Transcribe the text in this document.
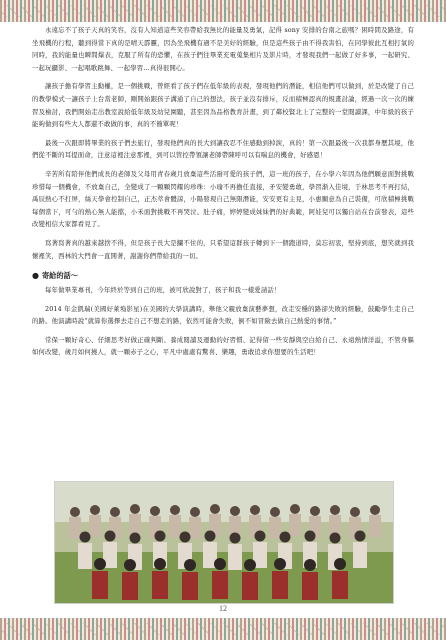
永遠忘不了孩子天真的笑容，沒有人知道這些笑容帶給我無比的能量及勇氣，記得 sony 安排的台南之旅嗎？困時間及路途，有坐飛機的行程，聽到得當下真的是晴天霹靂，因為坐飛機有過不是美好的經驗，但是這些孩子由不得我害怕，在同學彼此互相打氣的同時，我的能量也瞬間爆表，克服了所有的恐懼，在孩子們往畢業充電蒐集相片及影片時，才發現我們一起做了好多事，一起研究、一起玩攝影、一起唱歌跳舞、一起學習…真得很開心。

讓孩子擔有學習主動權，是一個挑戰，曾經看了孩子們在低年級的表現，發現他們的潛能，相信他們可以做到，於是改變了自己的教學模式一讓孩子上台當老師，剛開始跟孩子溝通了自己的想法，孩子並沒有排斥，反而積極認真的規畫討論，經過一次一次的練習及檢討，我們開始走出教室說給低年級及幼兒園聽，甚至因為品格教育計畫，到了鄰校賢北上了完整的一堂閱讀課，中年級的孩子能夠做到有些大人都還不敢做的事，真的不簡單呢！

最後一次跟即將畢業的孩子們去旅行，發現他們真的長大到讓我忍不住感動到掉淚，真的！第一次跟最後一次我都身歷其境，他們從不斷的耳提面命，注意這裡注意那裡，到可以管控帶領讓老師帶陳呼可以有喘息的機會，好感恩！

辛苦所有陪伴他們成長的老師及父母用青春歲月放棄這些活潑可愛的孩子們，這一班的孩子，在小學六年因為他們願意面對挑戰珍惜每一個機會，不放棄自己，全變成了一顆顆閃耀的珍珠：小瑜不再擔任直接，矛安變勇敢，學習渐入佳境，于林思考不再打結，禹辰熱心不打屏，絲天學會控制自己，正杰萃會體諒，小陽發現自己無限潛能，安安更有主見，小惠願意為自己裝備，可欣積極挑戰每個當下，可勻的熱心無人能擋，小禾面對挑戰不再哭泣、肚子痛，婷婷變成妹妹們的好典範，阿娃兒可以獨自站在台前發表，這些改變相信大家都看見了。

寫著寫著真的越來越捨不得，但是孩子長大是攔不住的，只希望這群孩子轉到下一個跑道時，莫忘初衷，堅持到底，想笑就到我懷裡笑，西林的大門會一直開著，謝謝你們帶給我的一切。

● 寄給的話～

每年做畢業專刊，今年終於等到自己的班，被可欣說對了，孩子和我一樣愛請話！

2014 年金凱瑞(美國好萊塢影星)在美國的大學演講時，舉他父親放棄演藝夢想，改走安穩的路卻失敗的經驗，鼓勵學生走自己的路。他演講時說“就算你選擇去走自己不想走的路，依然可能會失敗，倒不如冒險去做自己熱愛的事情。”

常保一顆好奇心、仔細思考好做正確判斷、養成閱讀及運動的好習慣、記得留一些安靜與空白給自己、永遠熱情洋溢，不管身軀如何改變，歲月如何撓人，就一顆赤子之心，平凡中處處有驚喜、樂趣，勇敢追求你想要的生活吧！

12
